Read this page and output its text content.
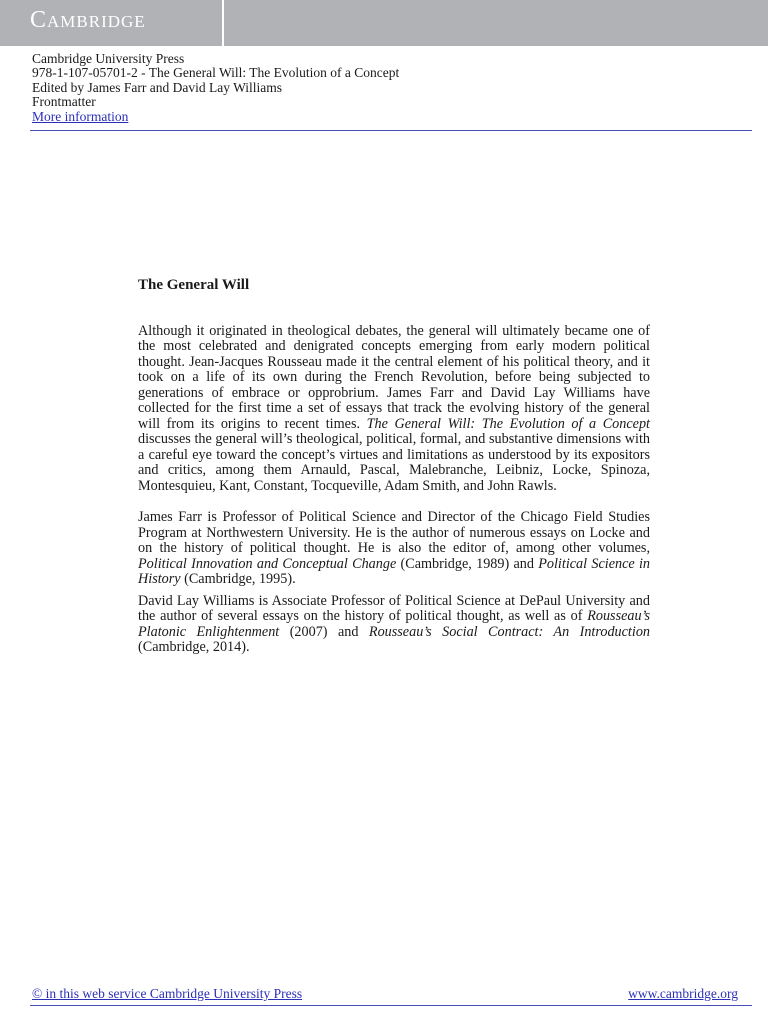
Cambridge
Cambridge University Press
978-1-107-05701-2 - The General Will: The Evolution of a Concept
Edited by James Farr and David Lay Williams
Frontmatter
More information
The General Will

Although it originated in theological debates, the general will ultimately became one of the most celebrated and denigrated concepts emerging from early modern political thought. Jean-Jacques Rousseau made it the central element of his political theory, and it took on a life of its own during the French Revolution, before being subjected to generations of embrace or opprobrium. James Farr and David Lay Williams have collected for the first time a set of essays that track the evolving history of the general will from its origins to recent times. The General Will: The Evolution of a Concept discusses the general will’s theological, political, formal, and substantive dimensions with a careful eye toward the concept’s virtues and limitations as understood by its expositors and critics, among them Arnauld, Pascal, Malebranche, Leibniz, Locke, Spinoza, Montesquieu, Kant, Constant, Tocqueville, Adam Smith, and John Rawls.

James Farr is Professor of Political Science and Director of the Chicago Field Studies Program at Northwestern University. He is the author of numerous essays on Locke and on the history of political thought. He is also the editor of, among other volumes, Political Innovation and Conceptual Change (Cambridge, 1989) and Political Science in History (Cambridge, 1995).

David Lay Williams is Associate Professor of Political Science at DePaul University and the author of several essays on the history of political thought, as well as of Rousseau’s Platonic Enlightenment (2007) and Rousseau’s Social Contract: An Introduction (Cambridge, 2014).

© in this web service Cambridge University Press	www.cambridge.org
